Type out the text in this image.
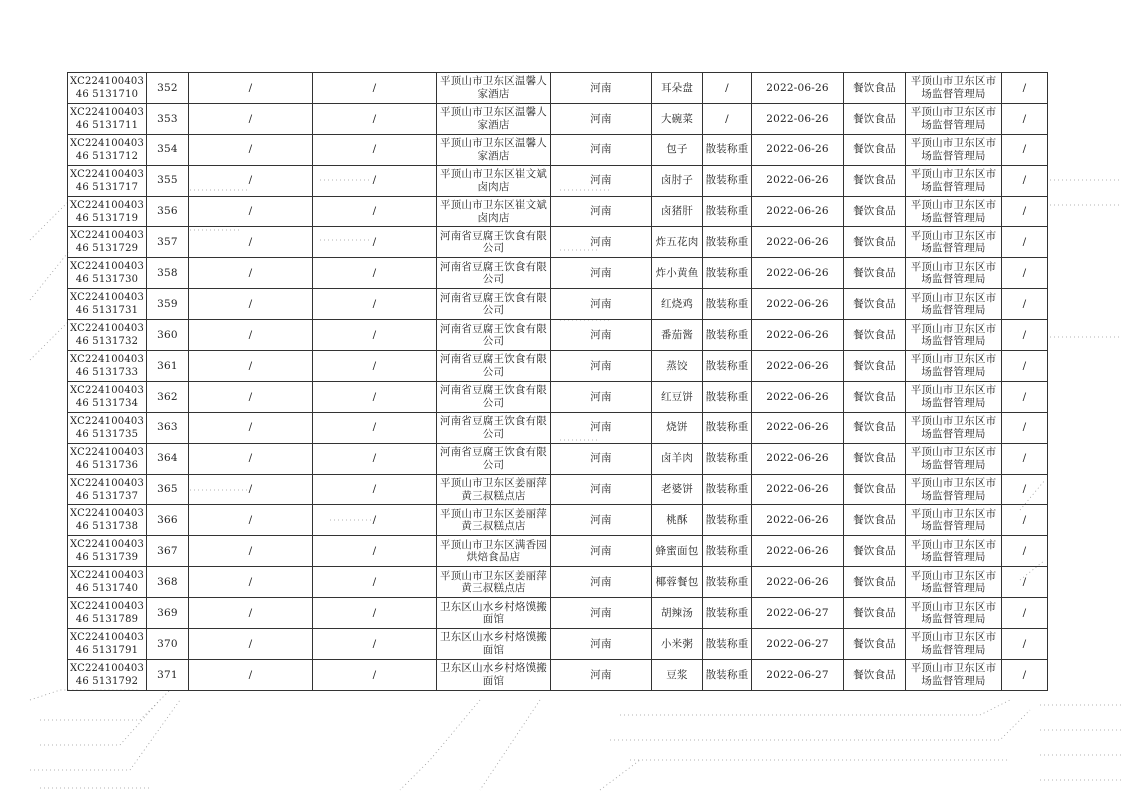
XC22410040346 5131710	352	/	/	平顶山市卫东区温馨人家酒店	河南	耳朵盘	/	2022-06-26	餐饮食品	平顶山市卫东区市场监督管理局	/
XC22410040346 5131711	353	/	/	平顶山市卫东区温馨人家酒店	河南	大碗菜	/	2022-06-26	餐饮食品	平顶山市卫东区市场监督管理局	/
XC22410040346 5131712	354	/	/	平顶山市卫东区温馨人家酒店	河南	包子	散装称重	2022-06-26	餐饮食品	平顶山市卫东区市场监督管理局	/
XC22410040346 5131717	355	/	/	平顶山市卫东区崔文斌卤肉店	河南	卤肘子	散装称重	2022-06-26	餐饮食品	平顶山市卫东区市场监督管理局	/
XC22410040346 5131719	356	/	/	平顶山市卫东区崔文斌卤肉店	河南	卤猪肝	散装称重	2022-06-26	餐饮食品	平顶山市卫东区市场监督管理局	/
XC22410040346 5131729	357	/	/	河南省豆腐王饮食有限公司	河南	炸五花肉	散装称重	2022-06-26	餐饮食品	平顶山市卫东区市场监督管理局	/
XC22410040346 5131730	358	/	/	河南省豆腐王饮食有限公司	河南	炸小黄鱼	散装称重	2022-06-26	餐饮食品	平顶山市卫东区市场监督管理局	/
XC22410040346 5131731	359	/	/	河南省豆腐王饮食有限公司	河南	红烧鸡	散装称重	2022-06-26	餐饮食品	平顶山市卫东区市场监督管理局	/
XC22410040346 5131732	360	/	/	河南省豆腐王饮食有限公司	河南	番茄酱	散装称重	2022-06-26	餐饮食品	平顶山市卫东区市场监督管理局	/
XC22410040346 5131733	361	/	/	河南省豆腐王饮食有限公司	河南	蒸饺	散装称重	2022-06-26	餐饮食品	平顶山市卫东区市场监督管理局	/
XC22410040346 5131734	362	/	/	河南省豆腐王饮食有限公司	河南	红豆饼	散装称重	2022-06-26	餐饮食品	平顶山市卫东区市场监督管理局	/
XC22410040346 5131735	363	/	/	河南省豆腐王饮食有限公司	河南	烧饼	散装称重	2022-06-26	餐饮食品	平顶山市卫东区市场监督管理局	/
XC22410040346 5131736	364	/	/	河南省豆腐王饮食有限公司	河南	卤羊肉	散装称重	2022-06-26	餐饮食品	平顶山市卫东区市场监督管理局	/
XC22410040346 5131737	365	/	/	平顶山市卫东区姜丽萍黄三叔糕点店	河南	老婆饼	散装称重	2022-06-26	餐饮食品	平顶山市卫东区市场监督管理局	/
XC22410040346 5131738	366	/	/	平顶山市卫东区姜丽萍黄三叔糕点店	河南	桃酥	散装称重	2022-06-26	餐饮食品	平顶山市卫东区市场监督管理局	/
XC22410040346 5131739	367	/	/	平顶山市卫东区满香园烘焙食品店	河南	蜂蜜面包	散装称重	2022-06-26	餐饮食品	平顶山市卫东区市场监督管理局	/
XC22410040346 5131740	368	/	/	平顶山市卫东区姜丽萍黄三叔糕点店	河南	椰蓉餐包	散装称重	2022-06-26	餐饮食品	平顶山市卫东区市场监督管理局	/
XC22410040346 5131789	369	/	/	卫东区山水乡村烙馍搬面馆	河南	胡辣汤	散装称重	2022-06-27	餐饮食品	平顶山市卫东区市场监督管理局	/
XC22410040346 5131791	370	/	/	卫东区山水乡村烙馍搬面馆	河南	小米粥	散装称重	2022-06-27	餐饮食品	平顶山市卫东区市场监督管理局	/
XC22410040346 5131792	371	/	/	卫东区山水乡村烙馍搬面馆	河南	豆浆	散装称重	2022-06-27	餐饮食品	平顶山市卫东区市场监督管理局	/
